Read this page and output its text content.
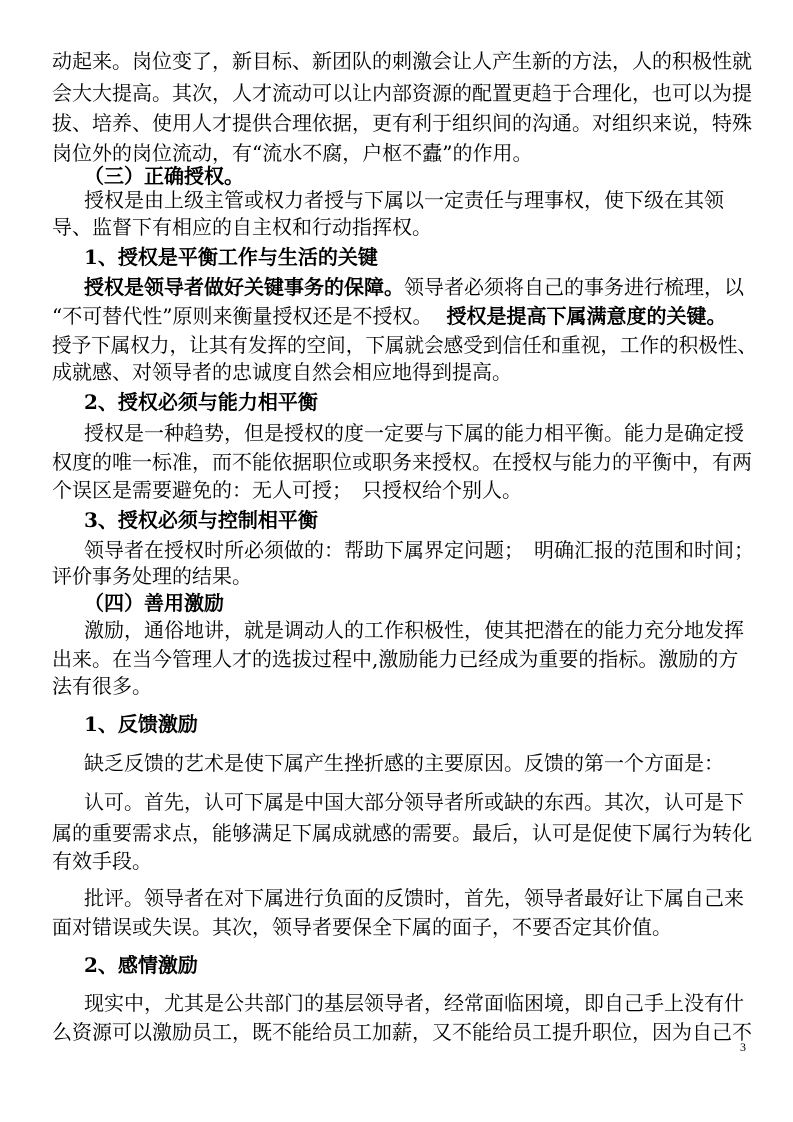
动起来。岗位变了，新目标、新团队的刺激会让人产生新的方法，人的积极性就
会大大提高。其次，人才流动可以让内部资源的配置更趋于合理化，也可以为提
拔、培养、使用人才提供合理依据，更有利于组织间的沟通。对组织来说，特殊
岗位外的岗位流动，有“流水不腐，户枢不蠹”的作用。
（三）正确授权。
授权是由上级主管或权力者授与下属以一定责任与理事权，使下级在其领
导、监督下有相应的自主权和行动指挥权。
1、授权是平衡工作与生活的关键
授权是领导者做好关键事务的保障。领导者必须将自己的事务进行梳理，以
“不可替代性”原则来衡量授权还是不授权。 授权是提高下属满意度的关键。
授予下属权力，让其有发挥的空间，下属就会感受到信任和重视，工作的积极性、
成就感、对领导者的忠诚度自然会相应地得到提高。
2、授权必须与能力相平衡
授权是一种趋势，但是授权的度一定要与下属的能力相平衡。能力是确定授
权度的唯一标准，而不能依据职位或职务来授权。在授权与能力的平衡中，有两
个误区是需要避免的：无人可授；　只授权给个别人。
3、授权必须与控制相平衡
领导者在授权时所必须做的：帮助下属界定问题；　明确汇报的范围和时间；
评价事务处理的结果。
（四）善用激励
激励，通俗地讲，就是调动人的工作积极性，使其把潜在的能力充分地发挥
出来。在当今管理人才的选拔过程中,激励能力已经成为重要的指标。激励的方
法有很多。
1、反馈激励
缺乏反馈的艺术是使下属产生挫折感的主要原因。反馈的第一个方面是：
认可。首先，认可下属是中国大部分领导者所或缺的东西。其次，认可是下
属的重要需求点，能够满足下属成就感的需要。最后，认可是促使下属行为转化
有效手段。
批评。领导者在对下属进行负面的反馈时，首先，领导者最好让下属自己来
面对错误或失误。其次，领导者要保全下属的面子，不要否定其价值。
2、感情激励
现实中，尤其是公共部门的基层领导者，经常面临困境，即自己手上没有什
么资源可以激励员工，既不能给员工加薪，又不能给员工提升职位，因为自己不
3
